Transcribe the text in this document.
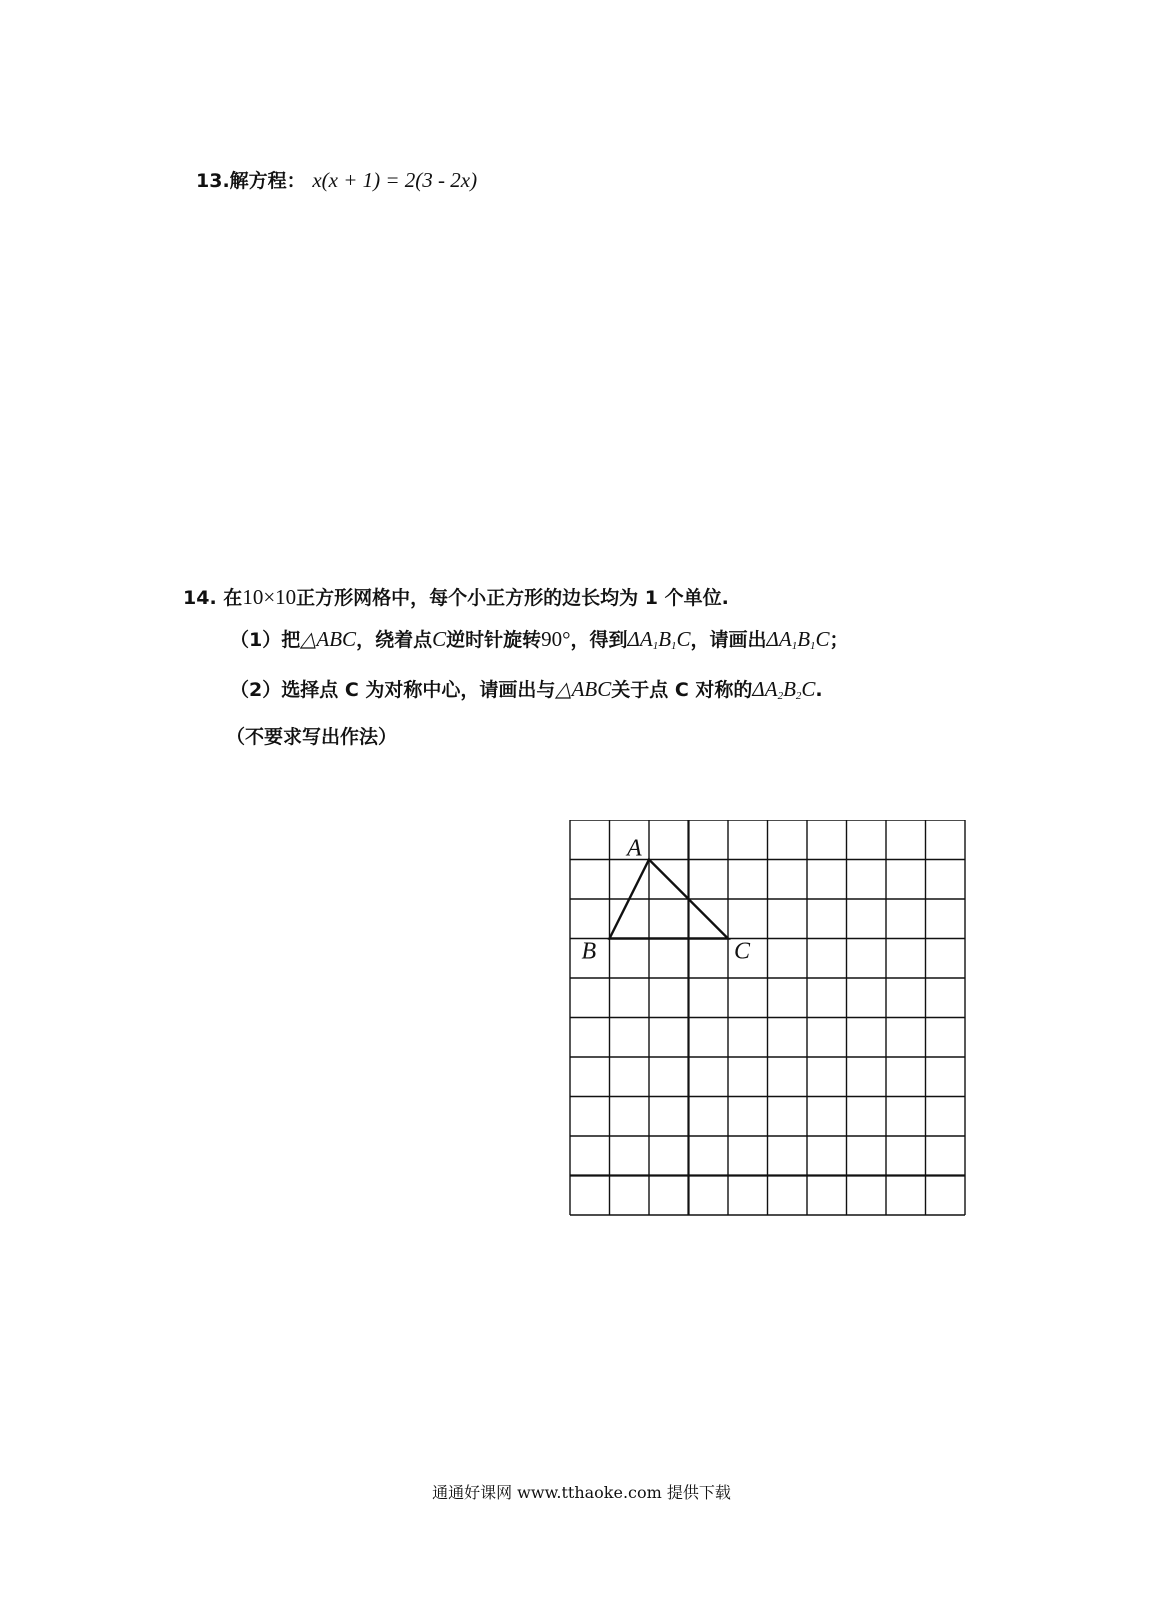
13.解方程： x(x + 1) = 2(3 - 2x)
14. 在10×10正方形网格中，每个小正方形的边长均为 1 个单位.
（1）把△ABC，绕着点C逆时针旋转90°，得到$\Delta A_1B_1C$，请画出$\Delta A_1B_1C$；
（2）选择点 C 为对称中心，请画出与△ABC关于点 C 对称的$\Delta A_2B_2C$.
（不要求写出作法）
A
B	C
通通好课网 www.tthaoke.com 提供下载
